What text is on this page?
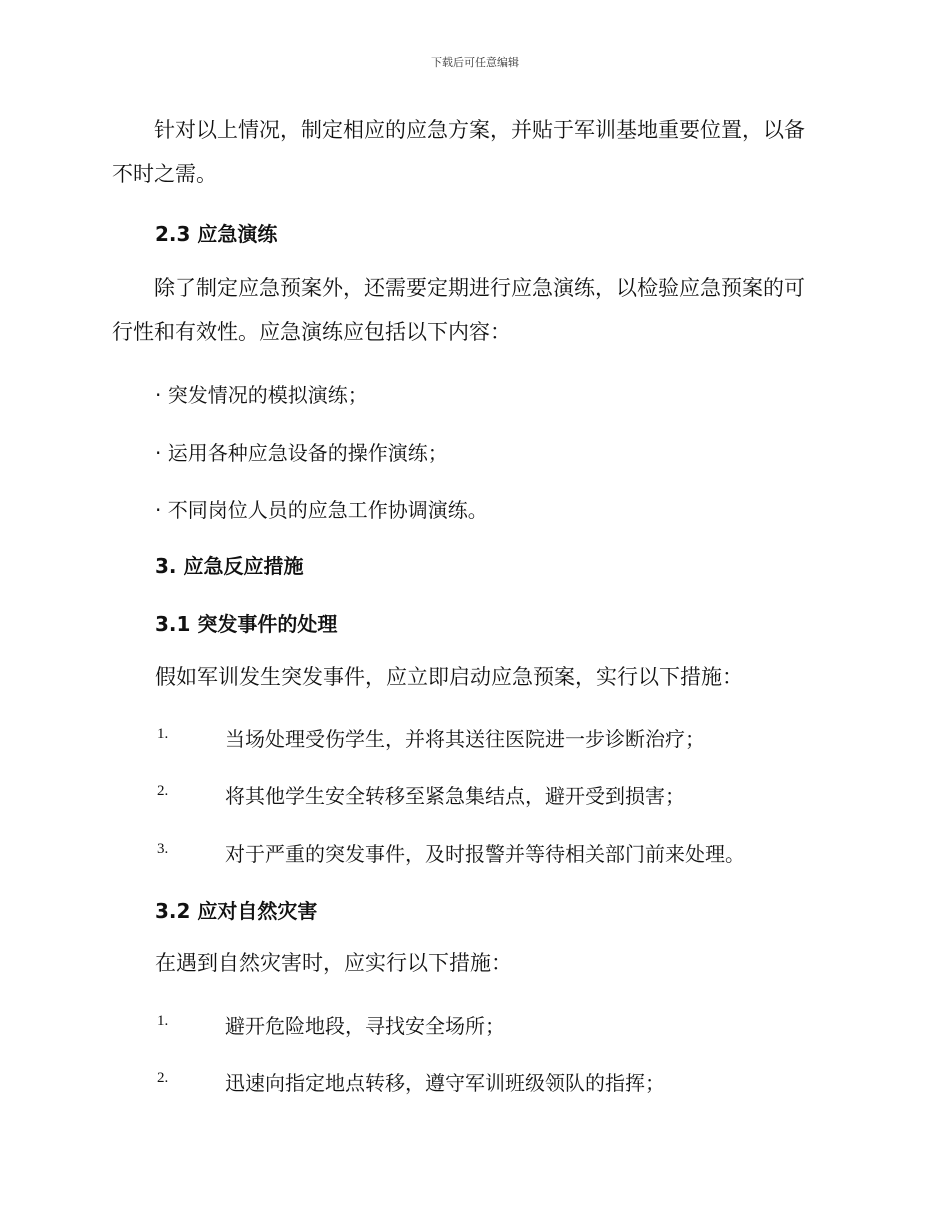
下载后可任意编辑
针对以上情况，制定相应的应急方案，并贴于军训基地重要位置，以备
不时之需。
2.3 应急演练
除了制定应急预案外，还需要定期进行应急演练，以检验应急预案的可
行性和有效性。应急演练应包括以下内容：
· 突发情况的模拟演练；
· 运用各种应急设备的操作演练；
· 不同岗位人员的应急工作协调演练。
3. 应急反应措施
3.1 突发事件的处理
假如军训发生突发事件，应立即启动应急预案，实行以下措施：
1.	当场处理受伤学生，并将其送往医院进一步诊断治疗；
2.	将其他学生安全转移至紧急集结点，避开受到损害；
3.	对于严重的突发事件，及时报警并等待相关部门前来处理。
3.2 应对自然灾害
在遇到自然灾害时，应实行以下措施：
1.	避开危险地段，寻找安全场所；
2.	迅速向指定地点转移，遵守军训班级领队的指挥；
